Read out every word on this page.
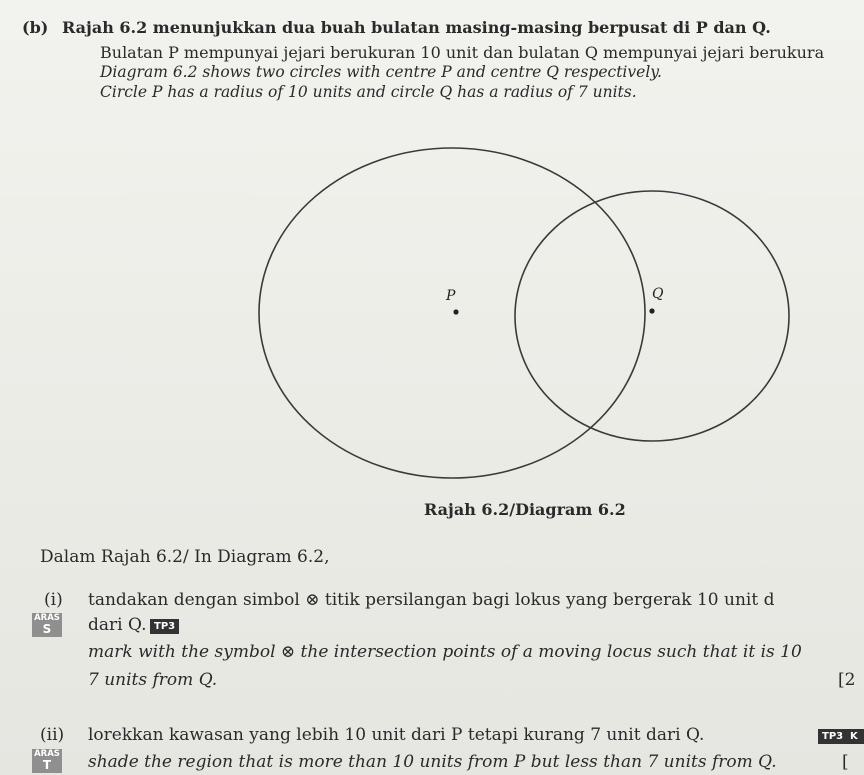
(b) Rajah 6.2 menunjukkan dua buah bulatan masing-masing berpusat di P dan Q.
Bulatan P mempunyai jejari berukuran 10 unit dan bulatan Q mempunyai jejari berukura
Diagram 6.2 shows two circles with centre P and centre Q respectively.
Circle P has a radius of 10 units and circle Q has a radius of 7 units.
P	Q
Rajah 6.2/Diagram 6.2
Dalam Rajah 6.2/ In Diagram 6.2,
(i) tandakan dengan simbol ⊗ titik persilangan bagi lokus yang bergerak 10 unit d
ARAS
S	dari Q. TP3
mark with the symbol ⊗ the intersection points of a moving locus such that it is 10
7 units from Q.	[2
(ii) lorekkan kawasan yang lebih 10 unit dari P tetapi kurang 7 unit dari Q.	TP3 K
ARAS
T	shade the region that is more than 10 units from P but less than 7 units from Q.	[
